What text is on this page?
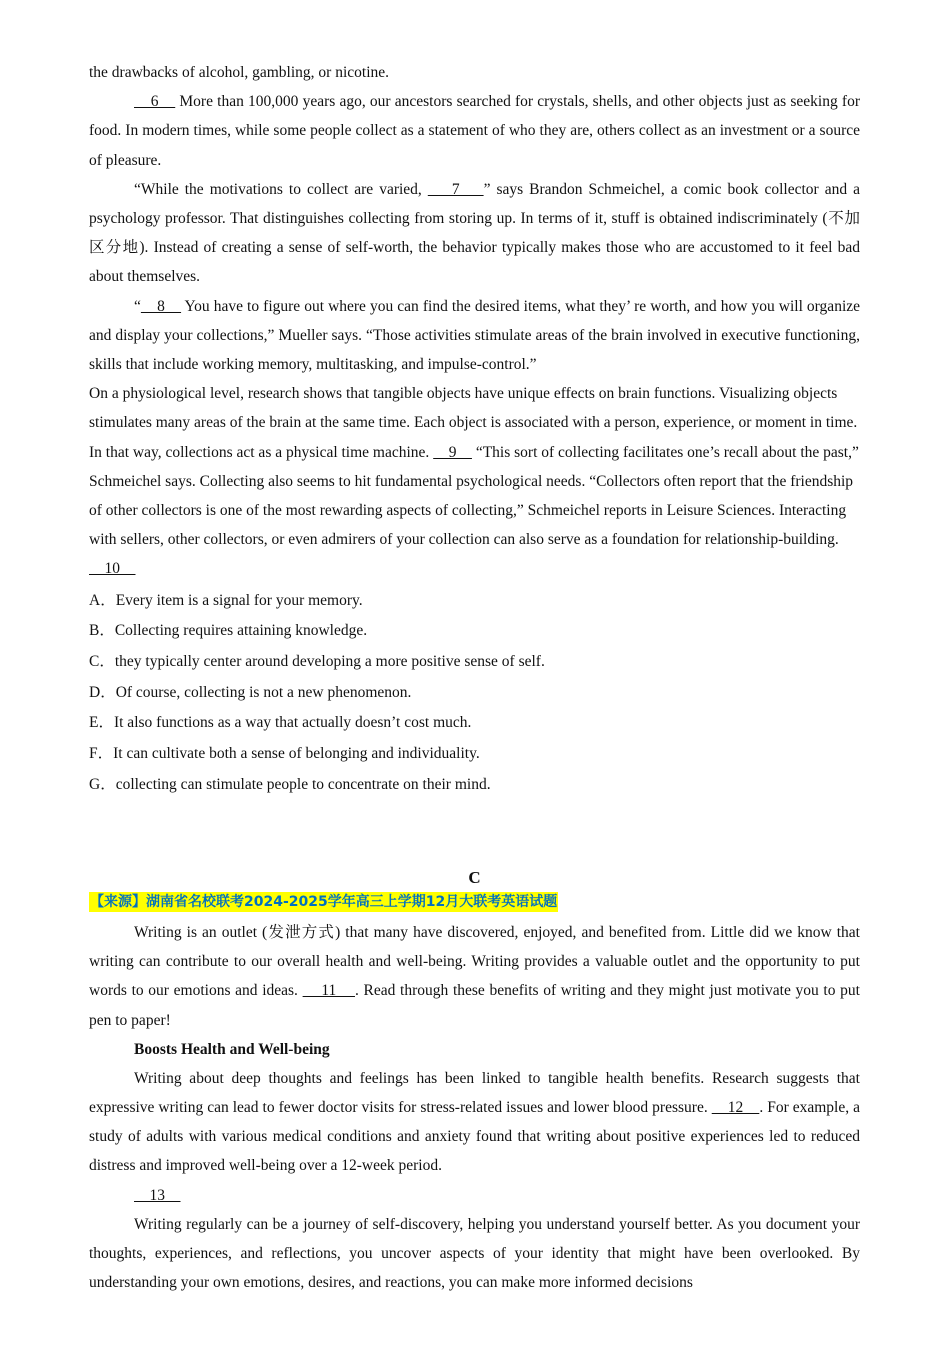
the drawbacks of alcohol, gambling, or nicotine.

6     More than 100,000 years ago, our ancestors searched for crystals, shells, and other objects just as seeking for food. In modern times, while some people collect as a statement of who they are, others collect as an investment or a source of pleasure.

“While the motivations to collect are varied,     7    ” says Brandon Schmeichel, a comic book collector and a psychology professor. That distinguishes collecting from storing up. In terms of it, stuff is obtained indiscriminately (不加区分地). Instead of creating a sense of self-worth, the behavior typically makes those who are accustomed to it feel bad about themselves.

“    8     You have to figure out where you can find the desired items, what they’ re worth, and how you will organize and display your collections,” Mueller says. “Those activities stimulate areas of the brain involved in executive functioning, skills that include working memory, multitasking, and impulse-control.”

On a physiological level, research shows that tangible objects have unique effects on brain functions. Visualizing objects stimulates many areas of the brain at the same time. Each object is associated with a person, experience, or moment in time. In that way, collections act as a physical time machine.     9     “This sort of collecting facilitates one’s recall about the past,” Schmeichel says. Collecting also seems to hit fundamental psychological needs. “Collectors often report that the friendship of other collectors is one of the most rewarding aspects of collecting,” Schmeichel reports in Leisure Sciences. Interacting with sellers, other collectors, or even admirers of your collection can also serve as a foundation for relationship-building.     10

A．Every item is a signal for your memory.

B．Collecting requires attaining knowledge.

C．they typically center around developing a more positive sense of self.

D．Of course, collecting is not a new phenomenon.

E．It also functions as a way that actually doesn’t cost much.

F．It can cultivate both a sense of belonging and individuality.

G．collecting can stimulate people to concentrate on their mind.

C

【来源】湖南省名校联考2024-2025学年高三上学期12月大联考英语试题

Writing is an outlet (发泄方式) that many have discovered, enjoyed, and benefited from. Little did we know that writing can contribute to our overall health and well-being. Writing provides a valuable outlet and the opportunity to put words to our emotions and ideas.     11    . Read through these benefits of writing and they might just motivate you to put pen to paper!

Boosts Health and Well-being

Writing about deep thoughts and feelings has been linked to tangible health benefits. Research suggests that expressive writing can lead to fewer doctor visits for stress-related issues and lower blood pressure.     12    . For example, a study of adults with various medical conditions and anxiety found that writing about positive experiences led to reduced distress and improved well-being over a 12-week period.

13

Writing regularly can be a journey of self-discovery, helping you understand yourself better. As you document your thoughts, experiences, and reflections, you uncover aspects of your identity that might have been overlooked. By understanding your own emotions, desires, and reactions, you can make more informed decisions
